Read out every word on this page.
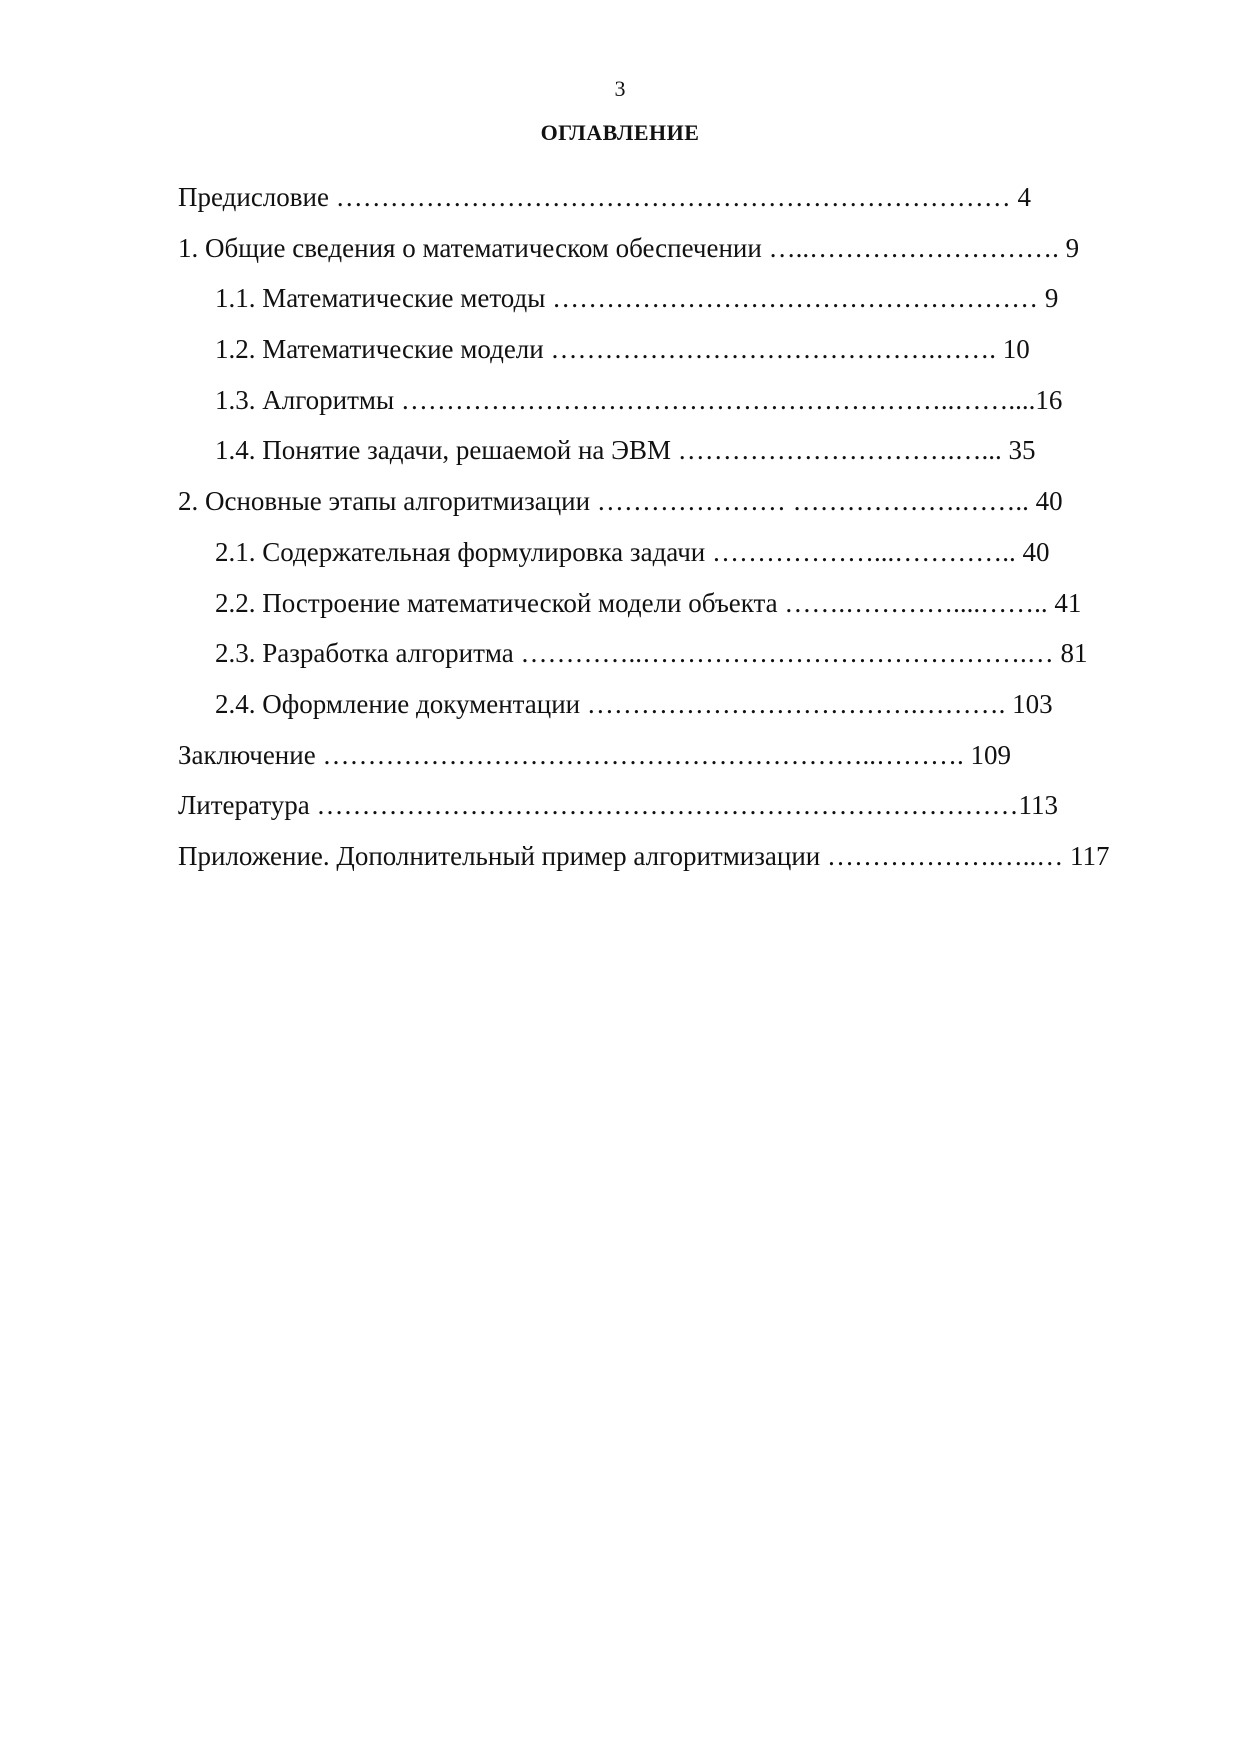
3
ОГЛАВЛЕНИЕ
Предисловие ………………………………………………………………… 4
1. Общие сведения о математическом обеспечении …..………………………. 9
1.1. Математические методы ……………………………………………… 9
1.2. Математические модели …………………………………….……. 10
1.3. Алгоритмы ……………………………………………………..……....16
1.4. Понятие задачи, решаемой на ЭВМ ………………………….…... 35
2. Основные этапы алгоритмизации ………………… ……………….…….. 40
2.1. Содержательная формулировка задачи ………………...………….. 40
2.2. Построение математической модели объекта …….…………....…….. 41
2.3. Разработка алгоритма …………..…………………………………….… 81
2.4. Оформление документации ……………………………….………. 103
Заключение ……………………………………………………..………. 109
Литература ……………………………………………………………………113
Приложение. Дополнительный пример алгоритмизации ……………….…..… 117
